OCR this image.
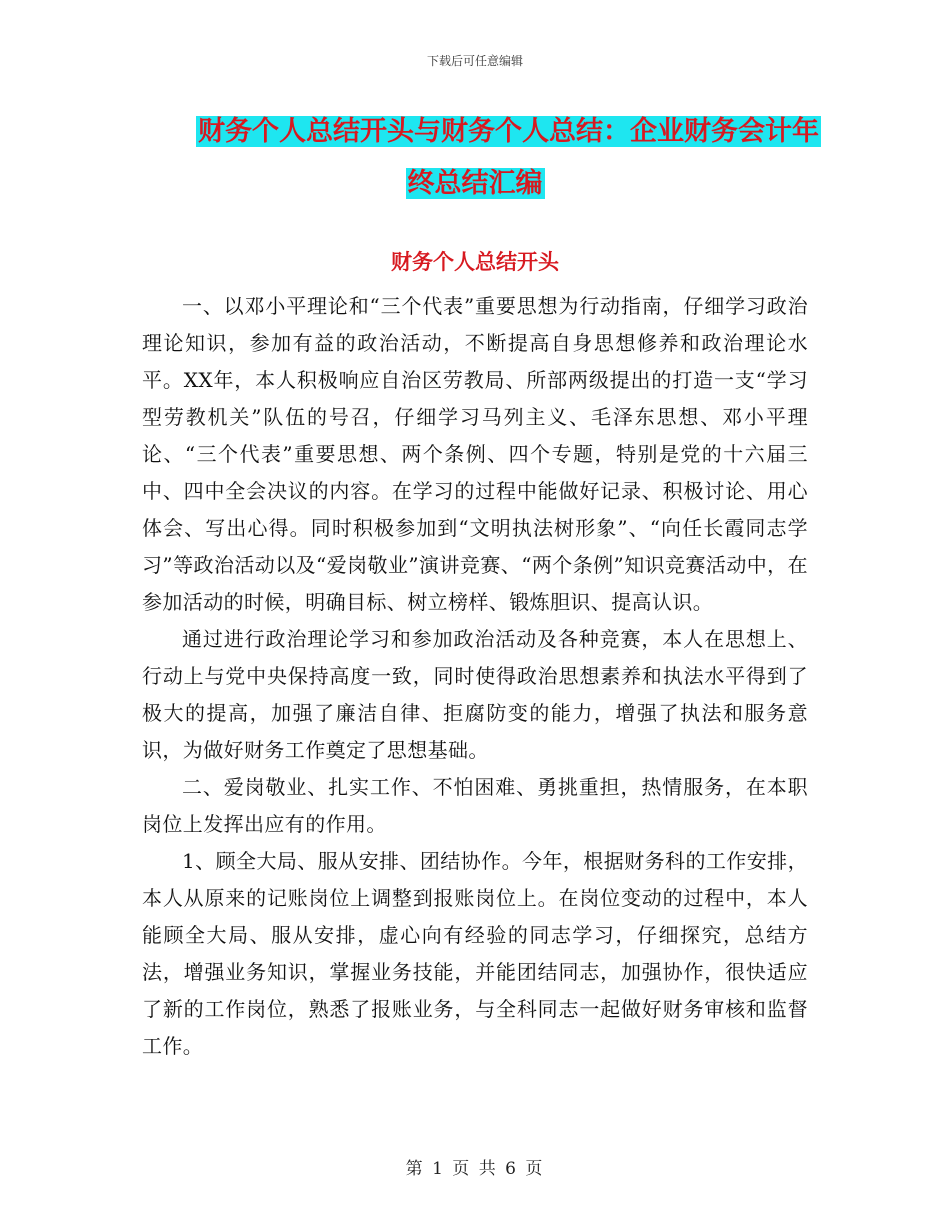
下载后可任意编辑
财务个人总结开头与财务个人总结：企业财务会计年
终总结汇编
财务个人总结开头

一、以邓小平理论和“三个代表”重要思想为行动指南，仔细学习政治理论知识，参加有益的政治活动，不断提高自身思想修养和政治理论水平。XX年，本人积极响应自治区劳教局、所部两级提出的打造一支“学习型劳教机关”队伍的号召，仔细学习马列主义、毛泽东思想、邓小平理论、“三个代表”重要思想、两个条例、四个专题，特别是党的十六届三中、四中全会决议的内容。在学习的过程中能做好记录、积极讨论、用心体会、写出心得。同时积极参加到“文明执法树形象”、“向任长霞同志学习”等政治活动以及“爱岗敬业”演讲竞赛、“两个条例”知识竞赛活动中，在参加活动的时候，明确目标、树立榜样、锻炼胆识、提高认识。

通过进行政治理论学习和参加政治活动及各种竞赛，本人在思想上、行动上与党中央保持高度一致，同时使得政治思想素养和执法水平得到了极大的提高，加强了廉洁自律、拒腐防变的能力，增强了执法和服务意识，为做好财务工作奠定了思想基础。

二、爱岗敬业、扎实工作、不怕困难、勇挑重担，热情服务，在本职岗位上发挥出应有的作用。

1、顾全大局、服从安排、团结协作。今年，根据财务科的工作安排，本人从原来的记账岗位上调整到报账岗位上。在岗位变动的过程中，本人能顾全大局、服从安排，虚心向有经验的同志学习，仔细探究，总结方法，增强业务知识，掌握业务技能，并能团结同志，加强协作，很快适应了新的工作岗位，熟悉了报账业务，与全科同志一起做好财务审核和监督工作。

第 1 页 共 6 页
